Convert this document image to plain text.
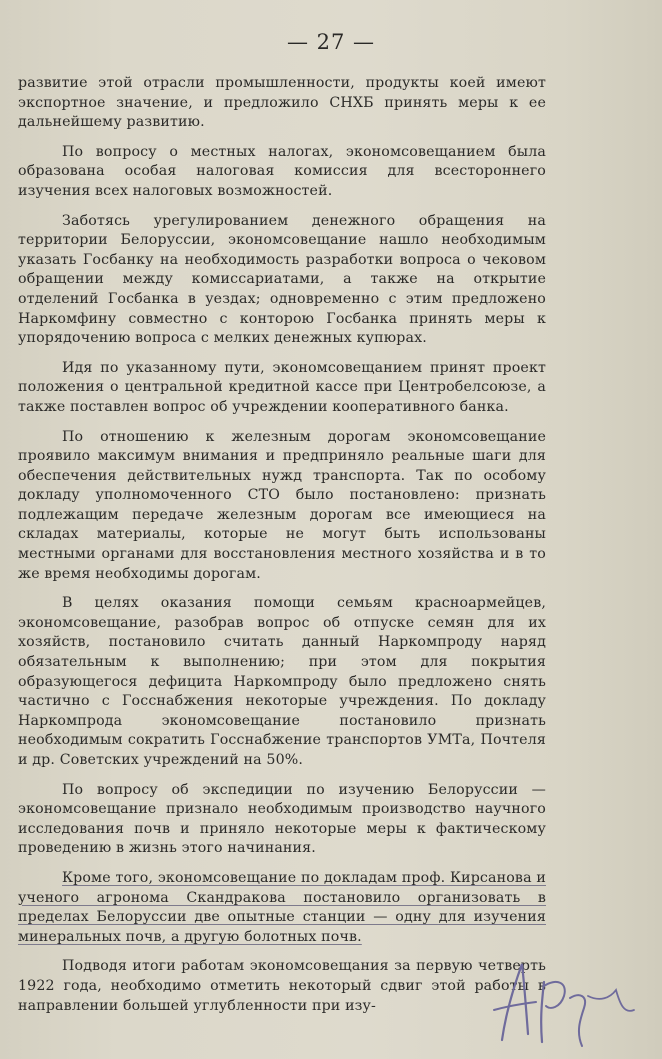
— 27 —

развитие этой отрасли промышленности, продукты коей имеют экспортное значение, и предложило СНХБ принять меры к ее дальнейшему развитию.

По вопросу о местных налогах, экономсовещанием была образована особая налоговая комиссия для всестороннего изучения всех налоговых возможностей.

Заботясь урегулированием денежного обращения на территории Белоруссии, экономсовещание нашло необходимым указать Госбанку на необходимость разработки вопроса о чековом обращении между комиссариатами, а также на открытие отделений Госбанка в уездах; одновременно с этим предложено Наркомфину совместно с конторою Госбанка принять меры к упорядочению вопроса с мелких денежных купюрах.

Идя по указанному пути, экономсовещанием принят проект положения о центральной кредитной кассе при Центробелсоюзе, а также поставлен вопрос об учреждении кооперативного банка.

По отношению к железным дорогам экономсовещание проявило максимум внимания и предприняло реальные шаги для обеспечения действительных нужд транспорта. Так по особому докладу уполномоченного СТО было постановлено: признать подлежащим передаче железным дорогам все имеющиеся на складах материалы, которые не могут быть использованы местными органами для восстановления местного хозяйства и в то же время необходимы дорогам.

В целях оказания помощи семьям красноармейцев, экономсовещание, разобрав вопрос об отпуске семян для их хозяйств, постановило считать данный Наркомпроду наряд обязательным к выполнению; при этом для покрытия образующегося дефицита Наркомпроду было предложено снять частично с Госснабжения некоторые учреждения. По докладу Наркомпрода экономсовещание постановило признать необходимым сократить Госснабжение транспортов УМТа, Почтеля и др. Советских учреждений на 50%.

По вопросу об экспедиции по изучению Белоруссии — экономсовещание признало необходимым производство научного исследования почв и приняло некоторые меры к фактическому проведению в жизнь этого начинания.

Кроме того, экономсовещание по докладам проф. Кирсанова и ученого агронома Скандракова постановило организовать в пределах Белоруссии две опытные станции — одну для изучения минеральных почв, а другую болотных почв.

Подводя итоги работам экономсовещания за первую четверть 1922 года, необходимо отметить некоторый сдвиг этой работы в направлении большей углубленности при изу-
